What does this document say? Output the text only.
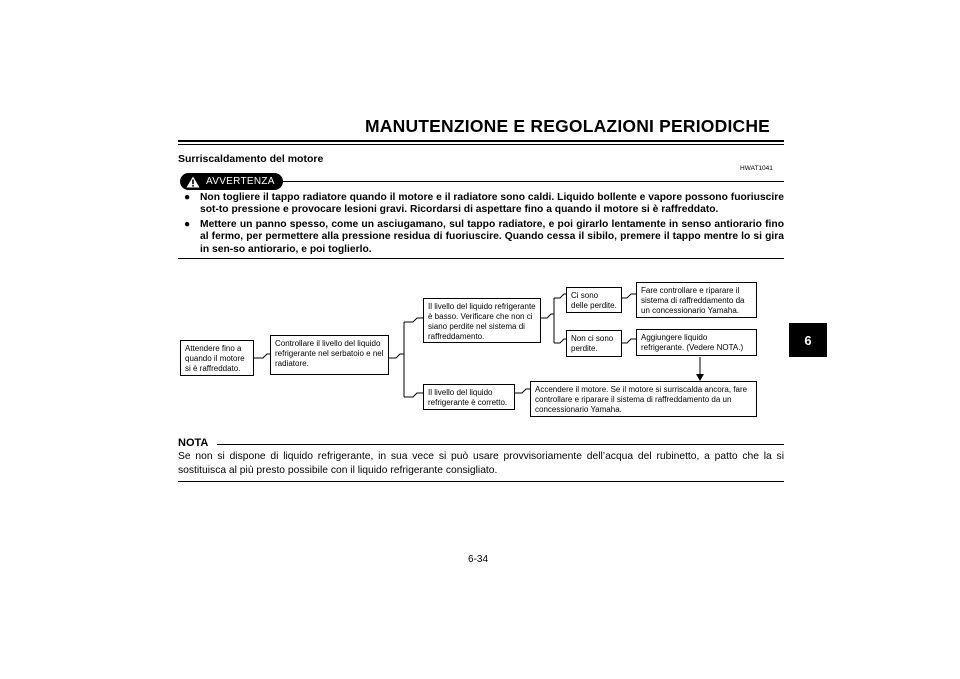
MANUTENZIONE E REGOLAZIONI PERIODICHE
Surriscaldamento del motore
HWAT1041
AVVERTENZA
● Non togliere il tappo radiatore quando il motore e il radiatore sono caldi. Liquido bollente e vapore possono fuoriuscire sot-to pressione e provocare lesioni gravi. Ricordarsi di aspettare fino a quando il motore si è raffreddato.
● Mettere un panno spesso, come un asciugamano, sul tappo radiatore, e poi girarlo lentamente in senso antiorario fino al fermo, per permettere alla pressione residua di fuoriuscire. Quando cessa il sibilo, premere il tappo mentre lo si gira in sen-so antiorario, e poi toglierlo.
Attendere fino a quando il motore si è raffreddato.
Controllare il livello del liquido refrigerante nel serbatoio e nel radiatore.
Il livello del liquido refrigerante è basso. Verificare che non ci siano perdite nel sistema di raffreddamento.
Il livello del liquido refrigerante è corretto.
Ci sono delle perdite.
Non ci sono perdite.
Fare controllare e riparare il sistema di raffreddamento da un concessionario Yamaha.
Aggiungere liquido refrigerante. (Vedere NOTA.)
Accendere il motore. Se il motore si surriscalda ancora, fare controllare e riparare il sistema di raffreddamento da un concessionario Yamaha.
6
NOTA
Se non si dispone di liquido refrigerante, in sua vece si può usare provvisoriamente dell’acqua del rubinetto, a patto che la si sostituisca al più presto possibile con il liquido refrigerante consigliato.
6-34
